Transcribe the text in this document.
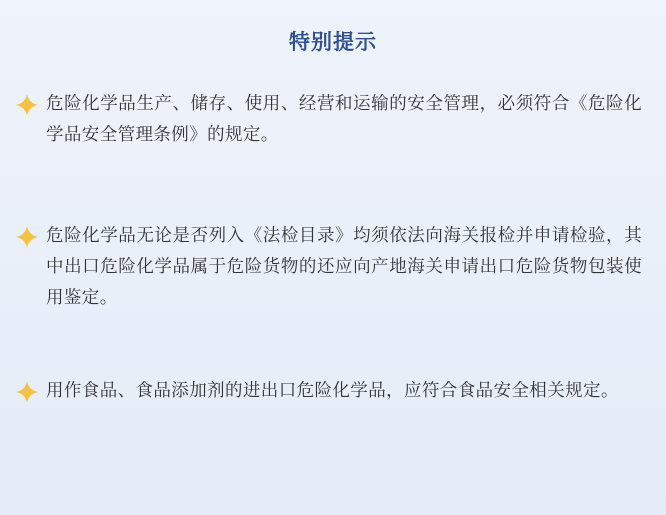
特别提示
危险化学品生产、储存、使用、经营和运输的安全管理，必须符合《危险化学品安全管理条例》的规定。
危险化学品无论是否列入《法检目录》均须依法向海关报检并申请检验，其中出口危险化学品属于危险货物的还应向产地海关申请出口危险货物包装使用鉴定。
用作食品、食品添加剂的进出口危险化学品，应符合食品安全相关规定。
